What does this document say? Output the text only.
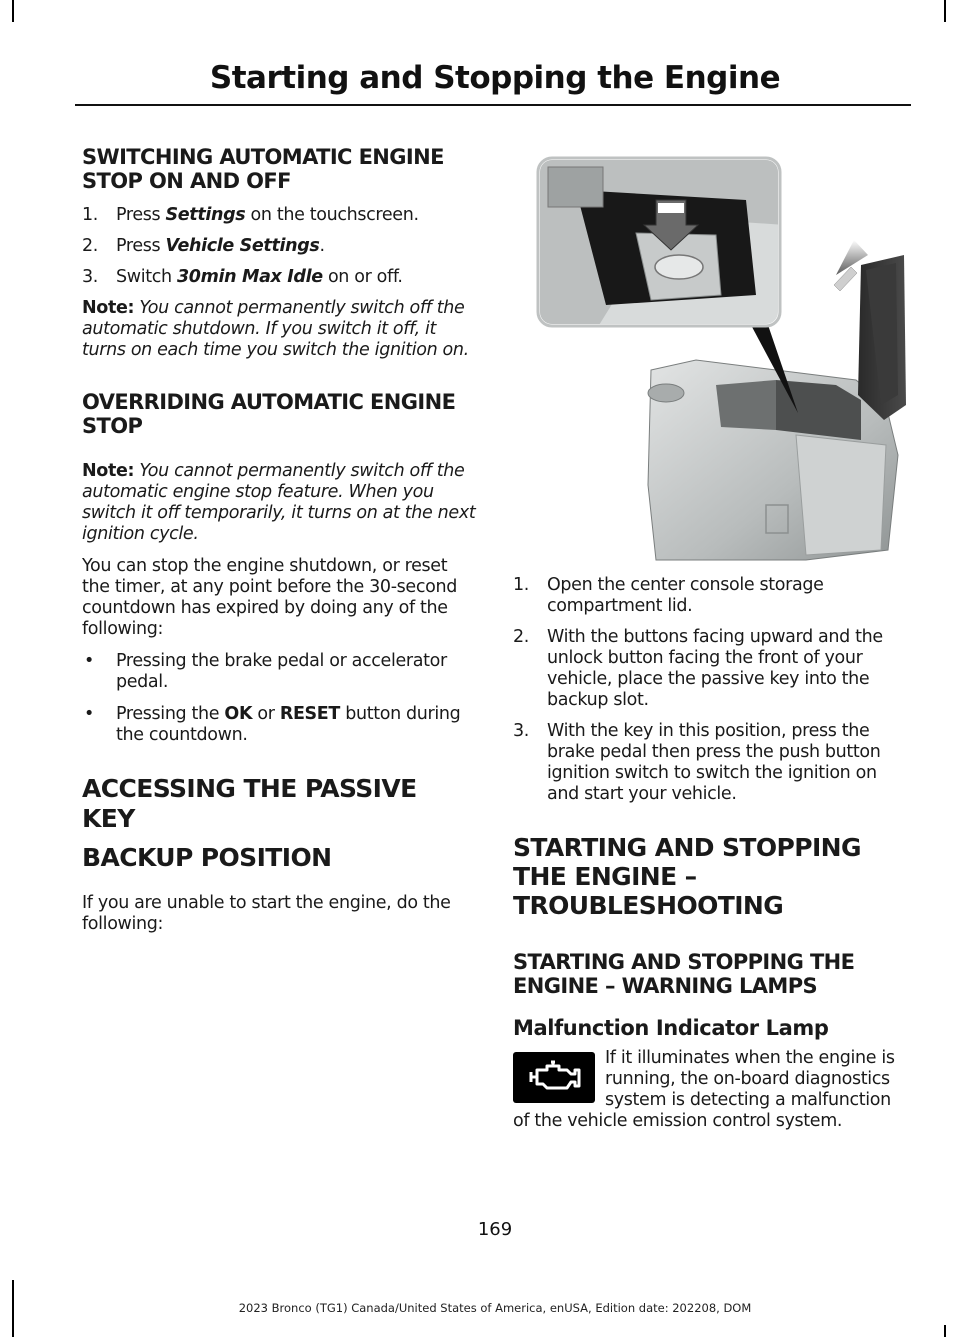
Starting and Stopping the Engine
SWITCHING AUTOMATIC ENGINE STOP ON AND OFF
1. Press Settings on the touchscreen.
2. Press Vehicle Settings.
3. Switch 30min Max Idle on or off.

Note: You cannot permanently switch off the automatic shutdown. If you switch it off, it turns on each time you switch the ignition on.

OVERRIDING AUTOMATIC ENGINE STOP

Note: You cannot permanently switch off the automatic engine stop feature. When you switch it off temporarily, it turns on at the next ignition cycle.

You can stop the engine shutdown, or reset the timer, at any point before the 30-second countdown has expired by doing any of the following:

• Pressing the brake pedal or accelerator pedal.
• Pressing the OK or RESET button during the countdown.
ACCESSING THE PASSIVE KEY
BACKUP POSITION

If you are unable to start the engine, do the following:

1. Open the center console storage compartment lid.
2. With the buttons facing upward and the unlock button facing the front of your vehicle, place the passive key into the backup slot.
3. With the key in this position, press the brake pedal then press the push button ignition switch to switch the ignition on and start your vehicle.
STARTING AND STOPPING
THE ENGINE –
TROUBLESHOOTING
STARTING AND STOPPING THE ENGINE – WARNING LAMPS
Malfunction Indicator Lamp

If it illuminates when the engine is running, the on-board diagnostics system is detecting a malfunction of the vehicle emission control system.

169
2023 Bronco (TG1) Canada/United States of America, enUSA, Edition date: 202208, DOM
